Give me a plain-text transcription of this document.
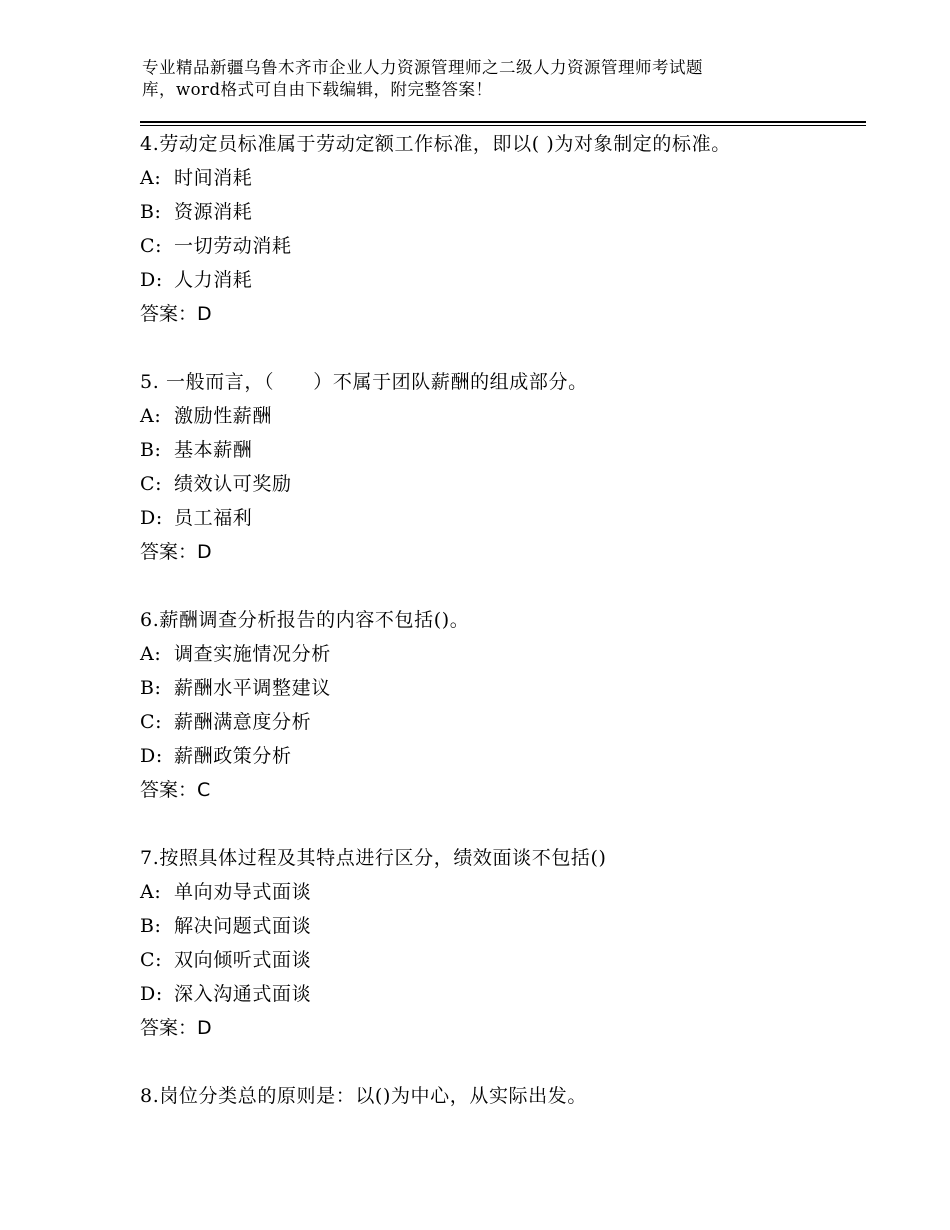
专业精品新疆乌鲁木齐市企业人力资源管理师之二级人力资源管理师考试题
库，word格式可自由下载编辑，附完整答案！
4.劳动定员标准属于劳动定额工作标准，即以( )为对象制定的标准。
A: 时间消耗
B: 资源消耗
C: 一切劳动消耗
D: 人力消耗
答案：D
5. 一般而言，（　　）不属于团队薪酬的组成部分。
A: 激励性薪酬
B: 基本薪酬
C: 绩效认可奖励
D: 员工福利
答案：D
6.薪酬调查分析报告的内容不包括()。
A: 调查实施情况分析
B: 薪酬水平调整建议
C: 薪酬满意度分析
D: 薪酬政策分析
答案：C
7.按照具体过程及其特点进行区分，绩效面谈不包括()
A: 单向劝导式面谈
B: 解决问题式面谈
C: 双向倾听式面谈
D: 深入沟通式面谈
答案：D
8.岗位分类总的原则是：以()为中心，从实际出发。
